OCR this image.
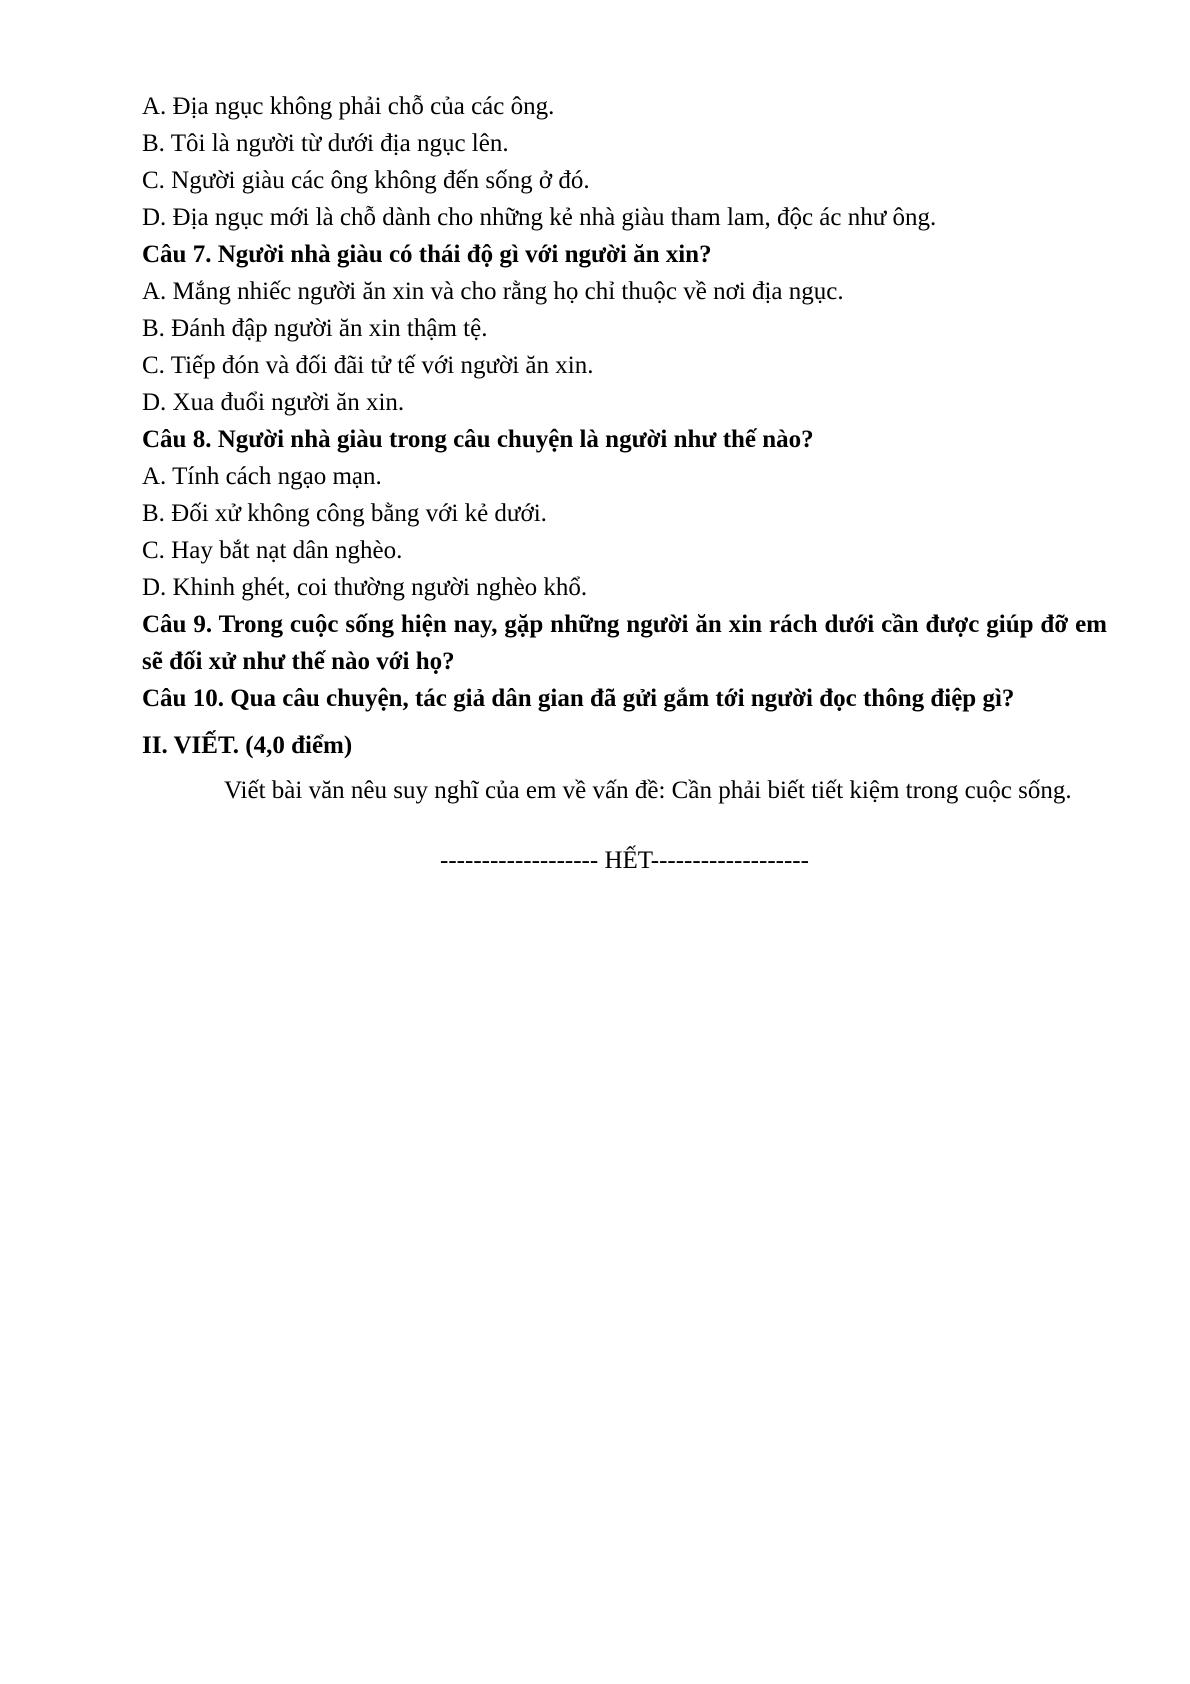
A. Địa ngục không phải chỗ của các ông.

B. Tôi là người từ dưới địa ngục lên.

C. Người giàu các ông không đến sống ở đó.

D. Địa ngục mới là chỗ dành cho những kẻ nhà giàu tham lam, độc ác như ông.

Câu 7. Người nhà giàu có thái độ gì với người ăn xin?

A. Mắng nhiếc người ăn xin và cho rằng họ chỉ thuộc về nơi địa ngục.

B. Đánh đập người ăn xin thậm tệ.

C. Tiếp đón và đối đãi tử tế với người ăn xin.

D. Xua đuổi người ăn xin.

Câu 8. Người nhà giàu trong câu chuyện là người như thế nào?

A. Tính cách ngạo mạn.

B. Đối xử không công bằng với kẻ dưới.

C. Hay bắt nạt dân nghèo.

D. Khinh ghét, coi thường người nghèo khổ.

Câu 9. Trong cuộc sống hiện nay, gặp những người ăn xin rách dưới cần được giúp đỡ em sẽ đối xử như thế nào với họ?

Câu 10. Qua câu chuyện, tác giả dân gian đã gửi gắm tới người đọc thông điệp gì?

II. VIẾT. (4,0 điểm)

Viết bài văn nêu suy nghĩ của em về vấn đề: Cần phải biết tiết kiệm trong cuộc sống.

------------------- HẾT-------------------
